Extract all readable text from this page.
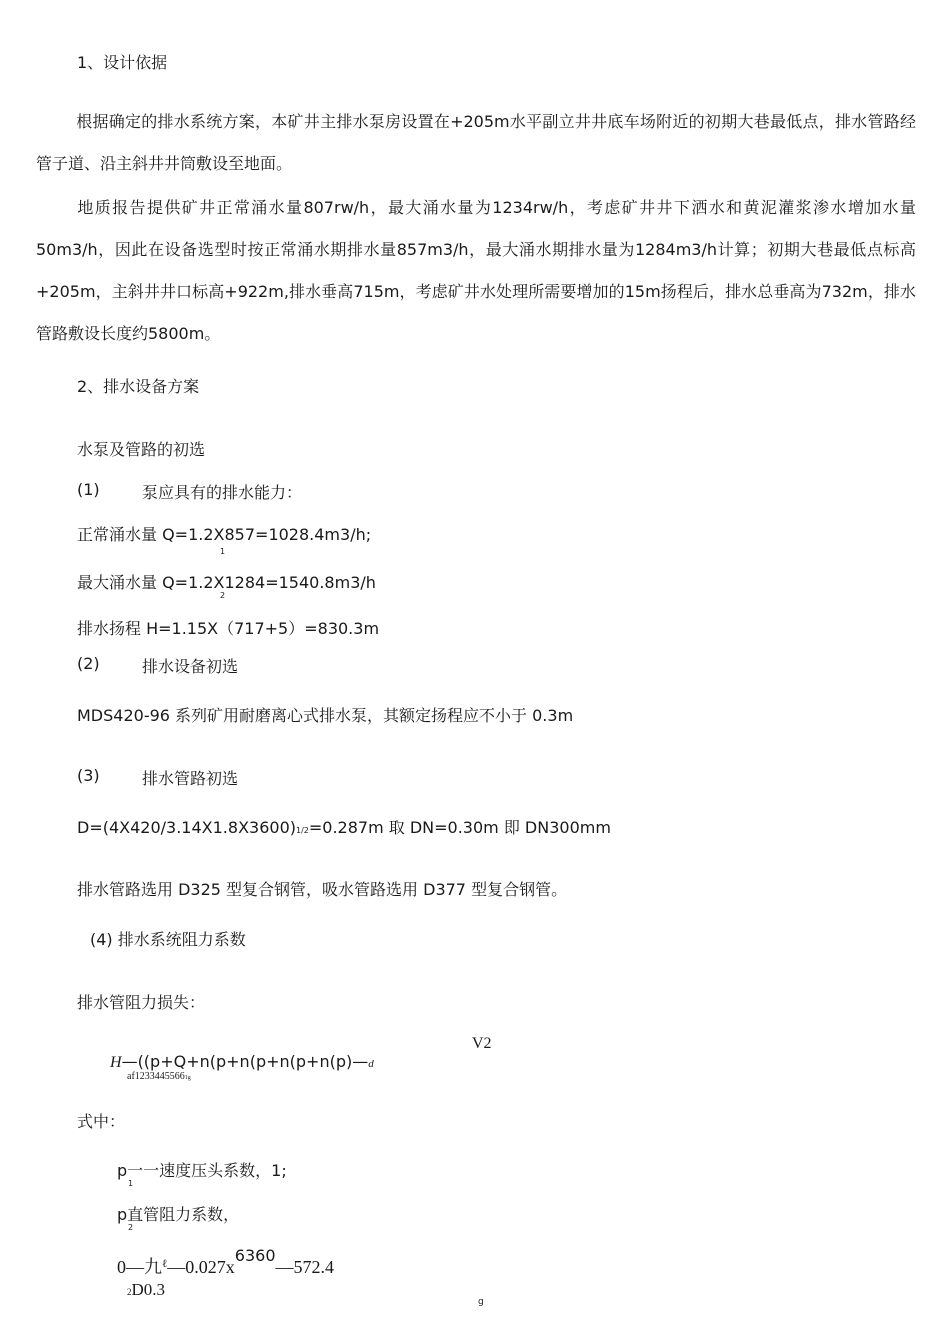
1、设计依据
根据确定的排水系统方案，本矿井主排水泵房设置在+205m水平副立井井底车场附近的初期大巷最低点，排水管路经管子道、沿主斜井井筒敷设至地面。
地质报告提供矿井正常涌水量807rw/h，最大涌水量为1234rw/h，考虑矿井井下洒水和黄泥灌浆渗水增加水量50m3/h，因此在设备选型时按正常涌水期排水量857m3/h，最大涌水期排水量为1284m3/h计算；初期大巷最低点标高+205m，主斜井井口标高+922m,排水垂高715m，考虑矿井水处理所需要增加的15m扬程后，排水总垂高为732m，排水管路敷设长度约5800m。
2、排水设备方案
水泵及管路的初选
(1)	泵应具有的排水能力：
正常涌水量 Q=1.2X857=1028.4m3/h;
1
最大涌水量 Q=1.2X1284=1540.8m3/h
2
排水扬程 H=1.15X（717+5）=830.3m
(2)	排水设备初选
MDS420-96 系列矿用耐磨离心式排水泵，其额定扬程应不小于 0.3m
(3)	排水管路初选
D=(4X420/3.14X1.8X3600)1/2=0.287m 取 DN=0.30m 即 DN300mm
排水管路选用 D325 型复合钢管，吸水管路选用 D377 型复合钢管。
(4) 排水系统阻力系数
排水管阻力损失：
V2
H—((p+Q+n(p+n(p+n(p+n(p)—d
af12334455661g
式中：
p一一速度压头系数，1;
1
p直管阻力系数，
2
0—九$^\ell$—0.027x6360—572.4
2D0.3
g
